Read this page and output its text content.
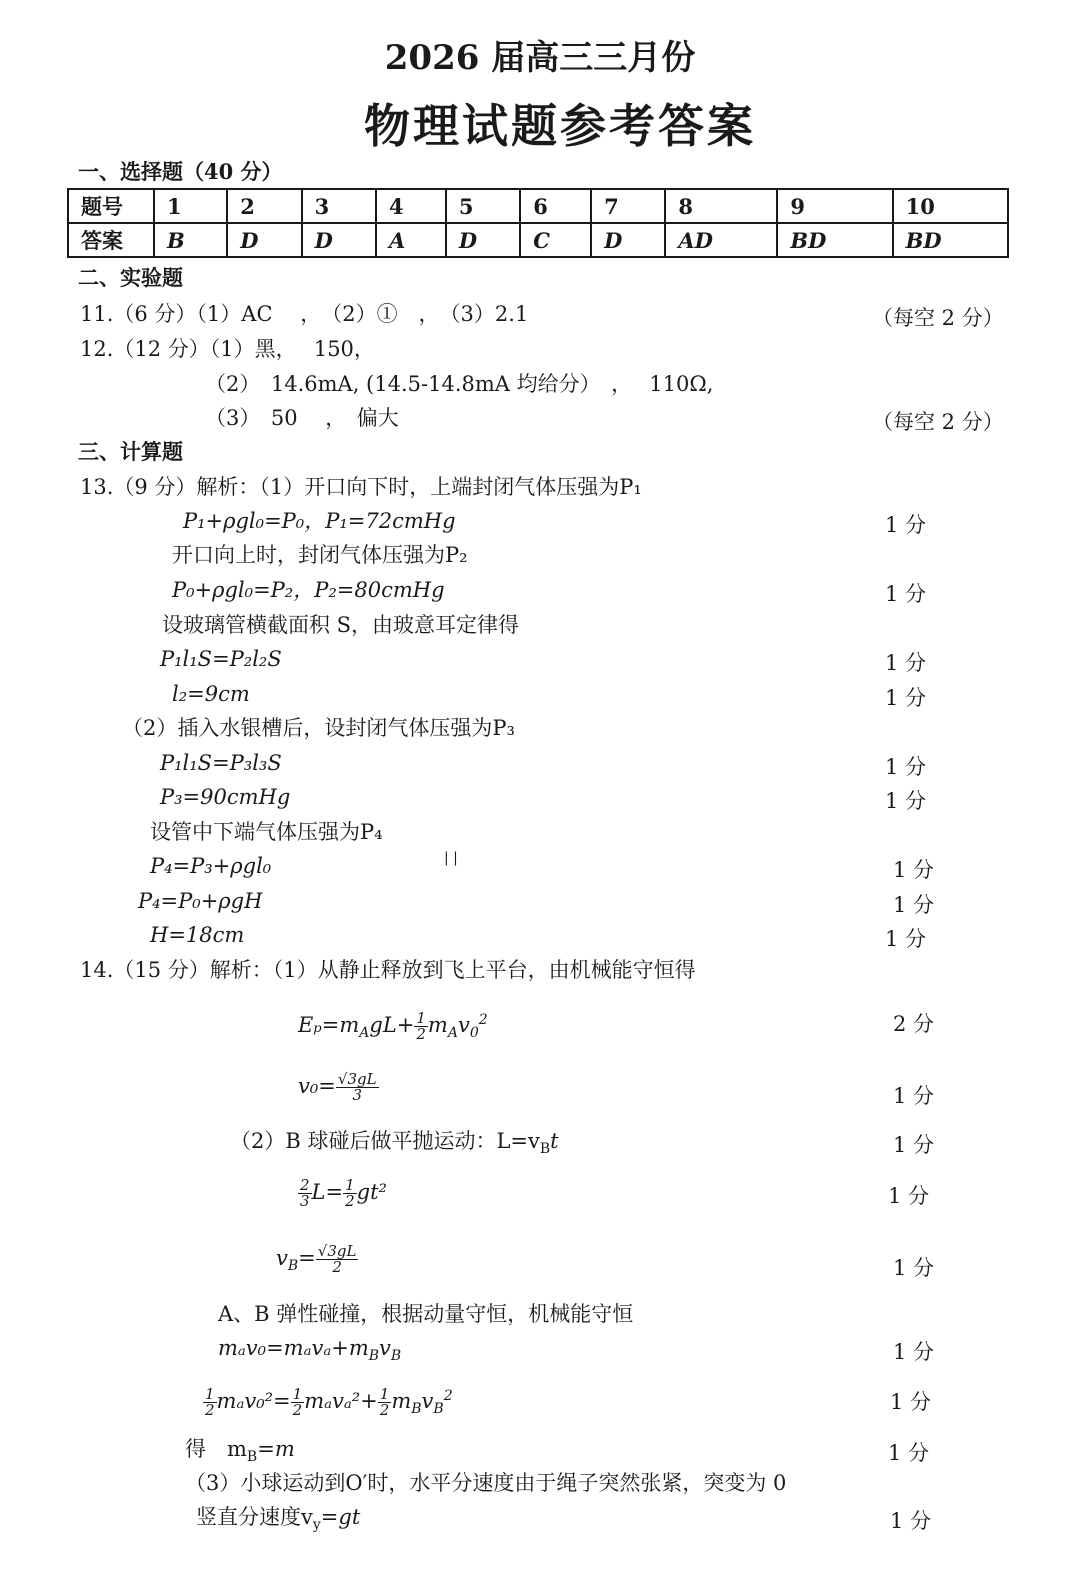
2026 届高三三月份
物理试题参考答案
一、选择题（40 分）
题号	1	2	3	4	5	6	7	8	9	10
答案	B	D	D	A	D	C	D	AD	BD	BD
二、实验题
11.（6 分）（1）AC　 ，　（2）①　，　（3）2.1	（每空 2 分）
12.（12 分）（1）黑，　 150，
（2）　14.6mA, (14.5-14.8mA 均给分）　，　 110Ω,
（3）　50　 ，　偏大	（每空 2 分）
三、计算题
13.（9 分）解析：（1）开口向下时，上端封闭气体压强为P₁
P₁+ρgl₀=P₀，P₁=72cmHg	1 分
开口向上时，封闭气体压强为P₂
P₀+ρgl₀=P₂，P₂=80cmHg	1 分
设玻璃管横截面积 S，由玻意耳定律得
P₁l₁S=P₂l₂S	1 分
l₂=9cm	1 分
（2）插入水银槽后，设封闭气体压强为P₃
P₁l₁S=P₃l₃S	1 分
P₃=90cmHg	1 分
设管中下端气体压强为P₄
| |
P₄=P₃+ρgl₀	1 分
P₄=P₀+ρgH	1 分
H=18cm	1 分
14.（15 分）解析：（1）从静止释放到飞上平台，由机械能守恒得
$E_p=m_AgL+ \frac{1}{2} m_Av_0^2$	2 分
$v_0= \frac{√3gL}{3}$	1 分
（2）B 球碰后做平抛运动：$L=v_Bt$	1 分
$\frac{2}{3} L= \frac{1}{2} gt^2$	1 分
$v_B= \frac{√3gL}{2}$	1 分
A、B 弹性碰撞，根据动量守恒，机械能守恒
$m_av_0=m_av_a+m_Bv_B$	1 分
$\frac{1}{2} m_av_0^2= \frac{1}{2} m_av_a^2+ \frac{1}{2} m_Bv_B^2$	1 分
得　$m_B=m$	1 分
（3）小球运动到O′时，水平分速度由于绳子突然张紧，突变为 0
竖直分速度$v_y=gt$	1 分
